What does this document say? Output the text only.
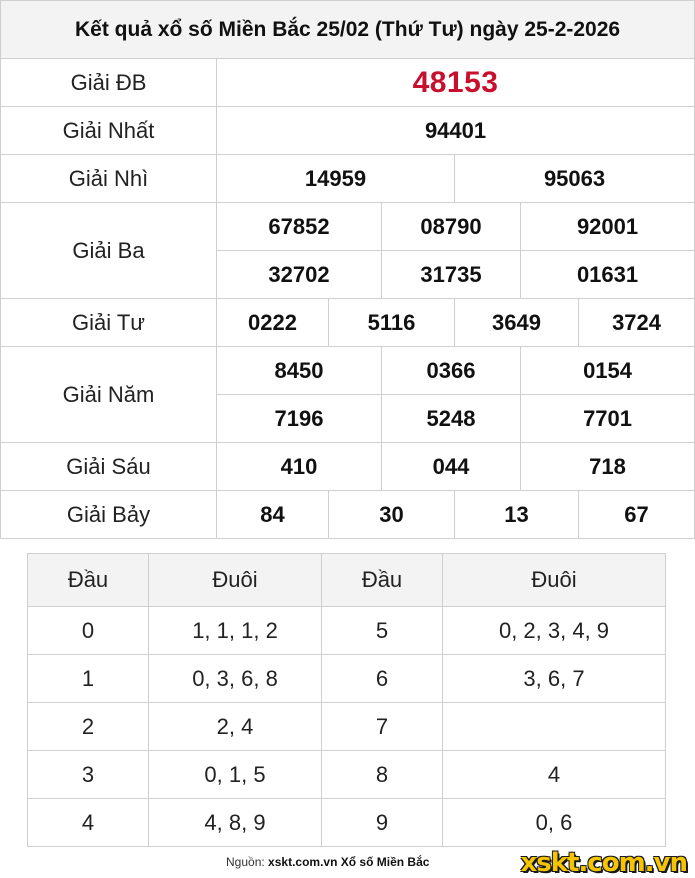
Kết quả xổ số Miền Bắc 25/02 (Thứ Tư) ngày 25-2-2026						
Giải ĐB	48153					
Giải Nhất	94401					
Giải Nhì	14959			95063		
Giải Ba	67852		08790		92001	
	32702		31735		01631	
Giải Tư	0222	5116		3649		3724
Giải Năm	8450		0366		0154	
	7196		5248		7701	
Giải Sáu	410		044		718	
Giải Bảy	84	30		13		67
Đầu	Đuôi	Đầu	Đuôi
0	1, 1, 1, 2	5	0, 2, 3, 4, 9
1	0, 3, 6, 8	6	3, 6, 7
2	2, 4	7	
3	0, 1, 5	8	4
4	4, 8, 9	9	0, 6
Nguồn: xskt.com.vn Xổ số Miền Bắc	xskt.com.vn
